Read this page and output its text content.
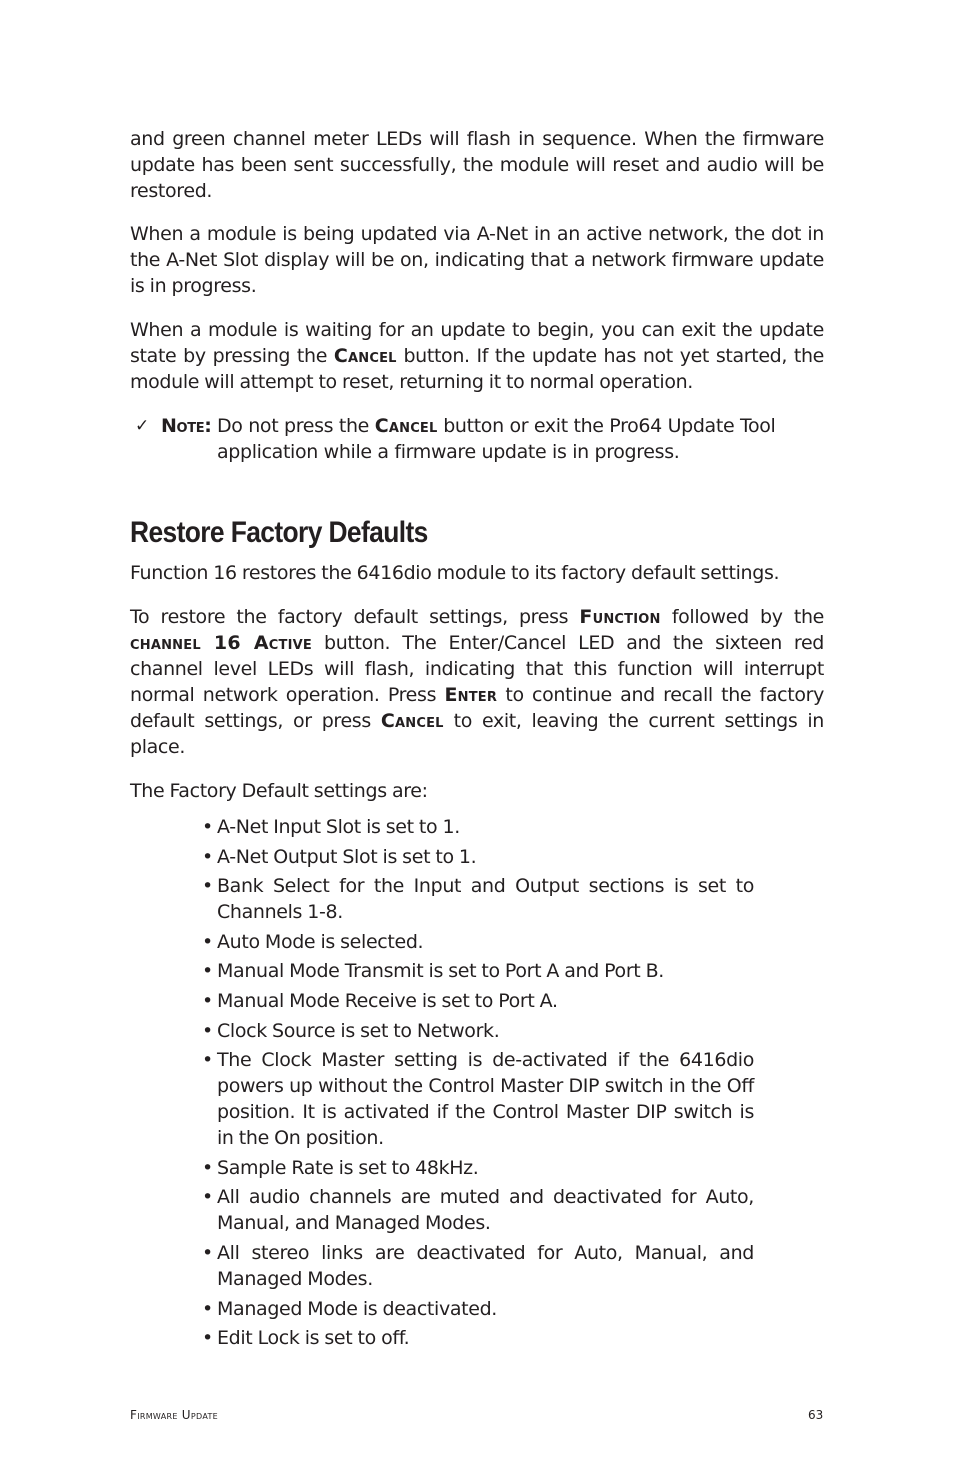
and green channel meter LEDs will flash in sequence. When the firmware update has been sent successfully, the module will reset and audio will be restored.

When a module is being updated via A-Net in an active network, the dot in the A-Net Slot display will be on, indicating that a network firmware update is in progress.

When a module is waiting for an update to begin, you can exit the update state by pressing the Cancel button. If the update has not yet started, the module will attempt to reset, returning it to normal operation.

✓ Note: Do not press the Cancel button or exit the Pro64 Update Tool application while a firmware update is in progress.
Restore Factory Defaults

Function 16 restores the 6416dio module to its factory default settings.

To restore the factory default settings, press Function followed by the channel 16 Active button. The Enter/Cancel LED and the sixteen red channel level LEDs will flash, indicating that this function will interrupt normal network operation. Press Enter to continue and recall the factory default settings, or press Cancel to exit, leaving the current settings in place.

The Factory Default settings are:

• A-Net Input Slot is set to 1.
• A-Net Output Slot is set to 1.
• Bank Select for the Input and Output sections is set to Channels 1-8.
• Auto Mode is selected.
• Manual Mode Transmit is set to Port A and Port B.
• Manual Mode Receive is set to Port A.
• Clock Source is set to Network.
• The Clock Master setting is de-activated if the 6416dio powers up without the Control Master DIP switch in the Off position. It is activated if the Control Master DIP switch is in the On position.
• Sample Rate is set to 48kHz.
• All audio channels are muted and deactivated for Auto, Manual, and Managed Modes.
• All stereo links are deactivated for Auto, Manual, and Managed Modes.
• Managed Mode is deactivated.
• Edit Lock is set to off.
Firmware Update	63
